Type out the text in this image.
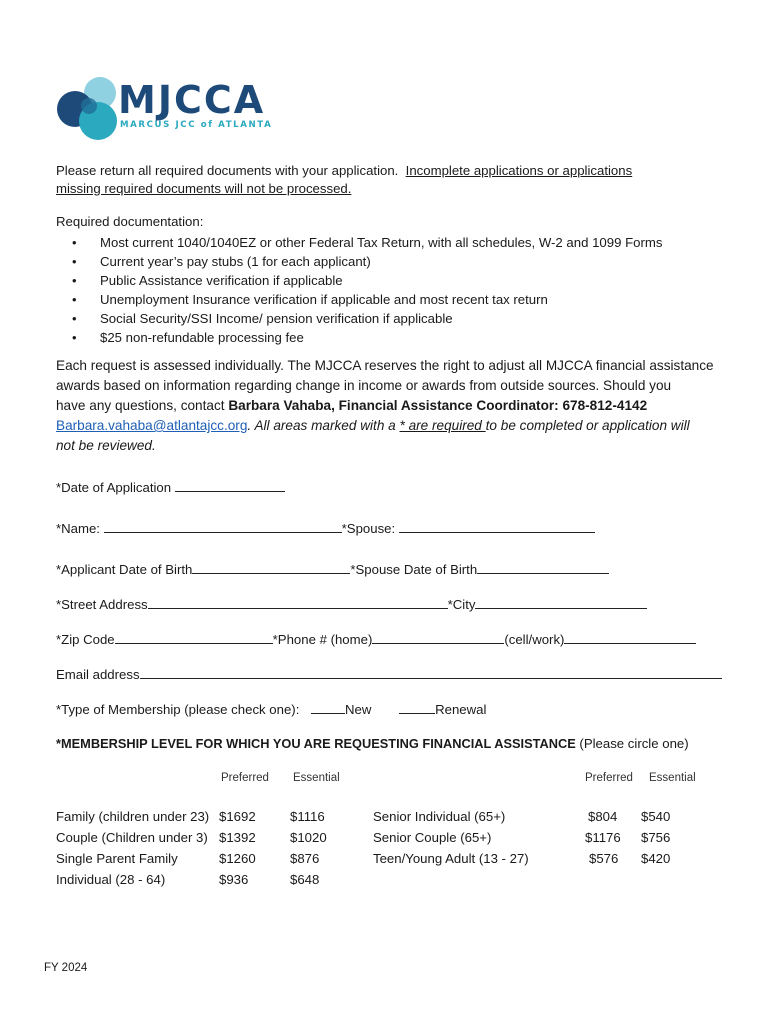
MJCCA
MARCUS JCC of ATLANTA
Please return all required documents with your application. Incomplete applications or applications
missing required documents will not be processed.
Required documentation:
• Most current 1040/1040EZ or other Federal Tax Return, with all schedules, W-2 and 1099 Forms
• Current year’s pay stubs (1 for each applicant)
• Public Assistance verification if applicable
• Unemployment Insurance verification if applicable and most recent tax return
• Social Security/SSI Income/ pension verification if applicable
• $25 non-refundable processing fee
Each request is assessed individually. The MJCCA reserves the right to adjust all MJCCA financial assistance
awards based on information regarding change in income or awards from outside sources. Should you
have any questions, contact Barbara Vahaba, Financial Assistance Coordinator: 678-812-4142
Barbara.vahaba@atlantajcc.org. All areas marked with a * are required to be completed or application will
not be reviewed.
*Date of Application
*Name:	*Spouse:
*Applicant Date of Birth	*Spouse Date of Birth
*Street Address	*City
*Zip Code	*Phone # (home)	(cell/work)
Email address
*Type of Membership (please check one):	New	Renewal
*MEMBERSHIP LEVEL FOR WHICH YOU ARE REQUESTING FINANCIAL ASSISTANCE (Please circle one)
Preferred Essential	Preferred Essential
Family (children under 23) $1692	$1116
Couple (Children under 3) $1392	$1020
Single Parent Family	$1260	$876
Individual (28 - 64)	$936	$648
Senior Individual (65+)	$804 $540
Senior Couple (65+)	$1176 $756
Teen/Young Adult (13 - 27)	$576 $420
FY 2024
